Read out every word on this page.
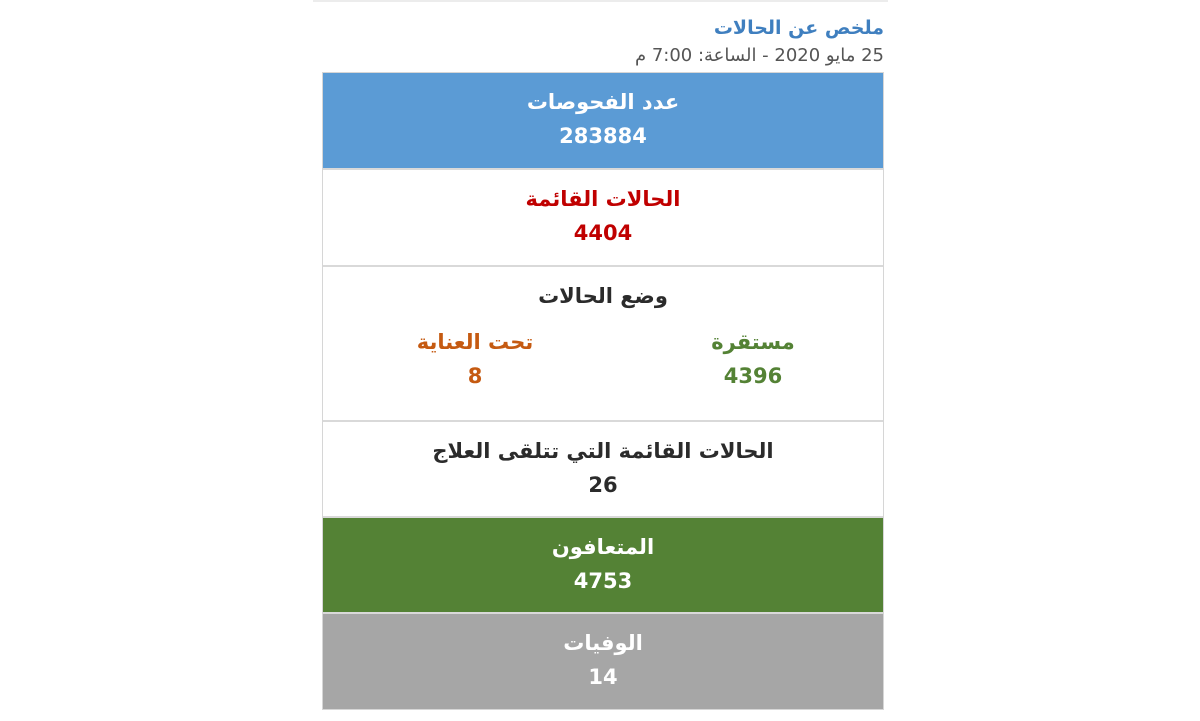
ملخص عن الحالات
25 مايو 2020 - الساعة: 7:00 م
عدد الفحوصات
283884
الحالات القائمة
4404
وضع الحالات
مستقرة
4396
تحت العناية
8
الحالات القائمة التي تتلقى العلاج
26
المتعافون
4753
الوفيات
14
